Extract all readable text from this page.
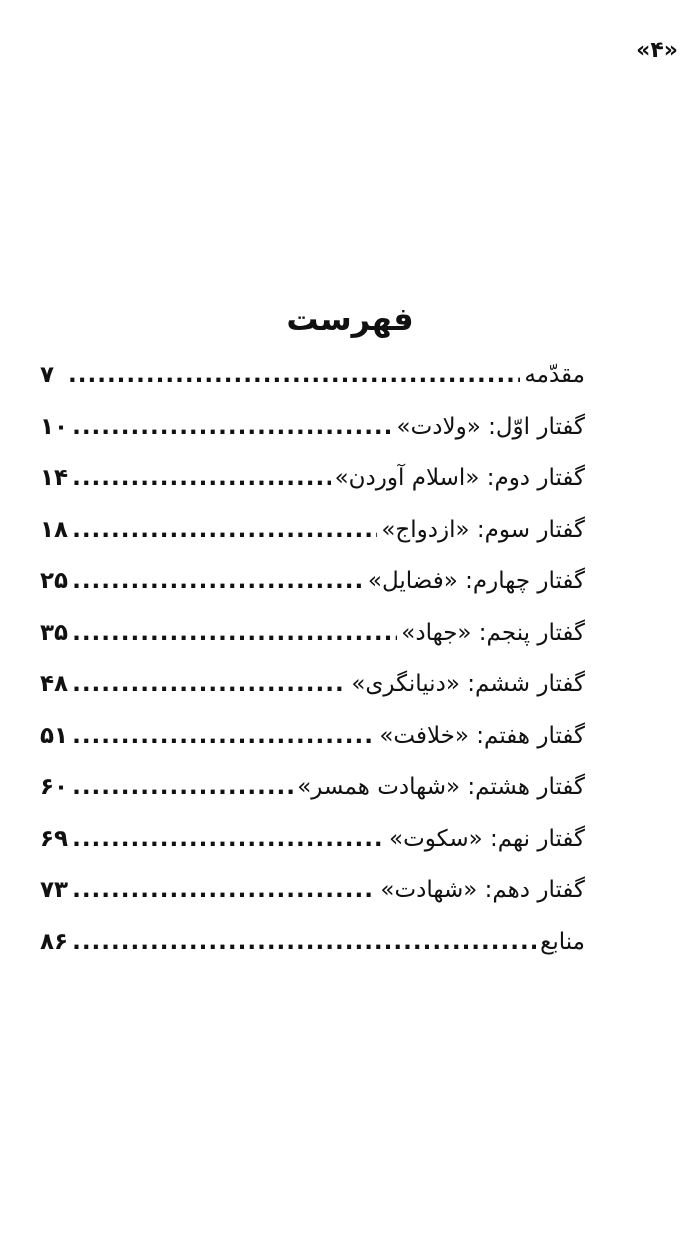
«۴»
فهرست
مقدّمه
.....
۷
گفتار اوّل: «ولادت»
.....
۱۰
گفتار دوم: «اسلام آوردن»
.....
۱۴
گفتار سوم: «ازدواج»
.....
۱۸
گفتار چهارم: «فضایل»
.....
۲۵
گفتار پنجم: «جهاد»
.....
۳۵
گفتار ششم: «دنیانگری»
.....
۴۸
گفتار هفتم: «خلافت»
.....
۵۱
گفتار هشتم: «شهادت همسر»
.....
۶۰
گفتار نهم: «سکوت»
.....
۶۹
گفتار دهم: «شهادت»
.....
۷۳
منابع
.....
۸۶
